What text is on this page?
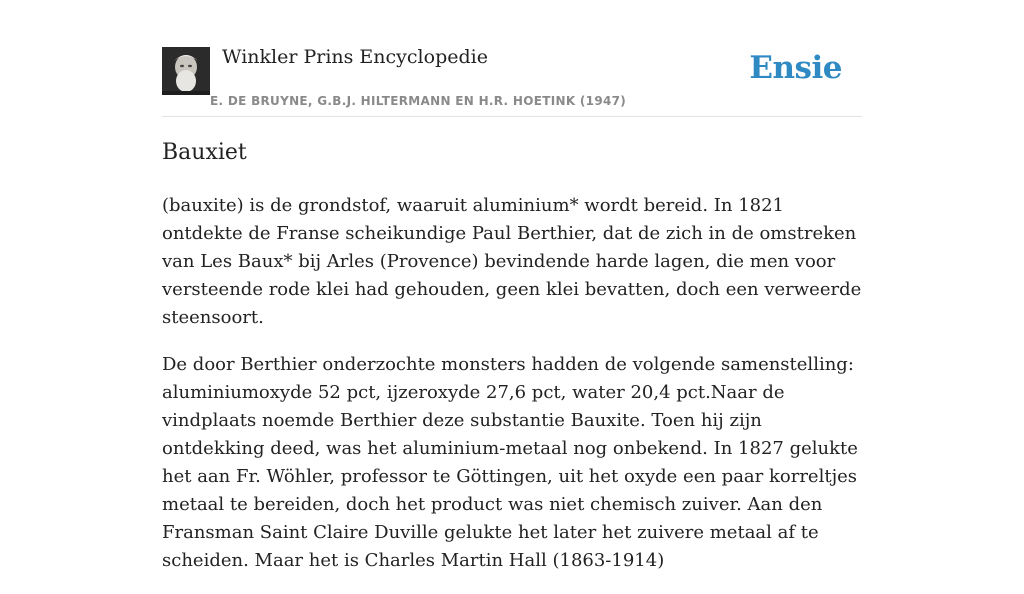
Winkler Prins Encyclopedie
E. DE BRUYNE, G.B.J. HILTERMANN EN H.R. HOETINK (1947)
Ensie
Bauxiet

(bauxite) is de grondstof, waaruit aluminium* wordt bereid. In 1821 ontdekte de Franse scheikundige Paul Berthier, dat de zich in de omstreken van Les Baux* bij Arles (Provence) bevindende harde lagen, die men voor versteende rode klei had gehouden, geen klei bevatten, doch een verweerde steensoort.

De door Berthier onderzochte monsters hadden de volgende samenstelling: aluminiumoxyde 52 pct, ijzeroxyde 27,6 pct, water 20,4 pct.Naar de vindplaats noemde Berthier deze substantie Bauxite. Toen hij zijn ontdekking deed, was het aluminium-metaal nog onbekend. In 1827 gelukte het aan Fr. Wöhler, professor te Göttingen, uit het oxyde een paar korreltjes metaal te bereiden, doch het product was niet chemisch zuiver. Aan den Fransman Saint Claire Duville gelukte het later het zuivere metaal af te scheiden. Maar het is Charles Martin Hall (1863-1914)
